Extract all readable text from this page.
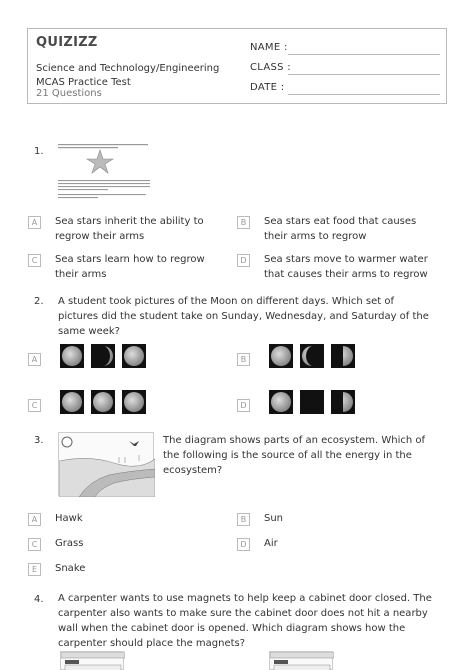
QUIZIZZ
Science and Technology/Engineering MCAS Practice Test
21 Questions
NAME :
CLASS :
DATE :
1.
A	Sea stars inherit the ability to regrow their arms
B	Sea stars eat food that causes their arms to regrow
C	Sea stars learn how to regrow their arms
D	Sea stars move to warmer water that causes their arms to regrow
2. A student took pictures of the Moon on different days. Which set of pictures did the student take on Sunday, Wednesday, and Saturday of the same week?
A	B
C	D
3.	The diagram shows parts of an ecosystem. Which of the following is the source of all the energy in the ecosystem?
A	Hawk	B	Sun
C	Grass	D	Air
E	Snake
4. A carpenter wants to use magnets to help keep a cabinet door closed. The carpenter also wants to make sure the cabinet door does not hit a nearby wall when the cabinet door is opened. Which diagram shows how the carpenter should place the magnets?
